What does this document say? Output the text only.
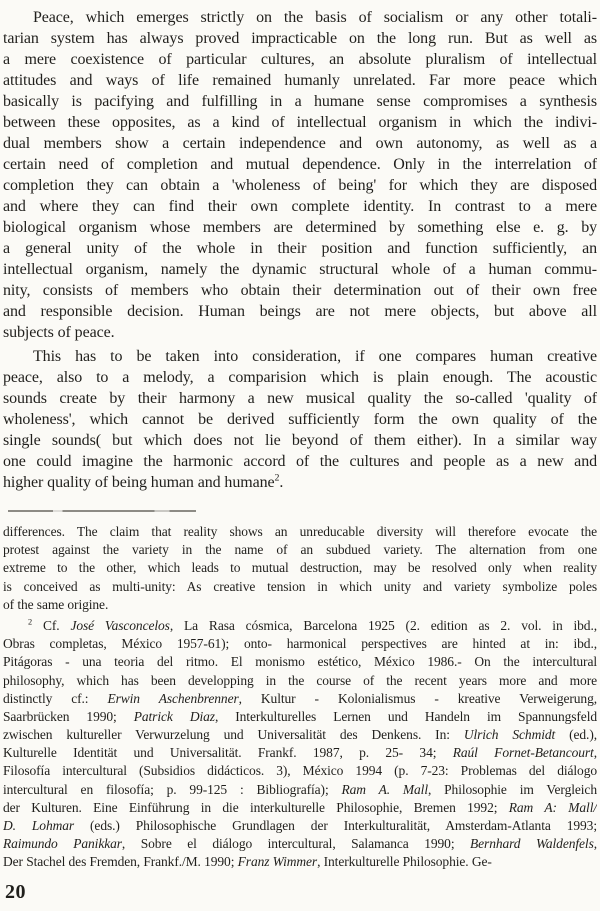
Peace, which emerges strictly on the basis of socialism or any other totali-
tarian system has always proved impracticable on the long run. But as well as
a mere coexistence of particular cultures, an absolute pluralism of intellectual
attitudes and ways of life remained humanly unrelated. Far more peace which
basically is pacifying and fulfilling in a humane sense compromises a synthesis
between these opposites, as a kind of intellectual organism in which the indivi-
dual members show a certain independence and own autonomy, as well as a
certain need of completion and mutual dependence. Only in the interrelation of
completion they can obtain a 'wholeness of being' for which they are disposed
and where they can find their own complete identity. In contrast to a mere
biological organism whose members are determined by something else e. g. by
a general unity of the whole in their position and function sufficiently, an
intellectual organism, namely the dynamic structural whole of a human commu-
nity, consists of members who obtain their determination out of their own free
and responsible decision. Human beings are not mere objects, but above all
subjects of peace.
This has to be taken into consideration, if one compares human creative
peace, also to a melody, a comparision which is plain enough. The acoustic
sounds create by their harmony a new musical quality the so-called 'quality of
wholeness', which cannot be derived sufficiently form the own quality of the
single sounds( but which does not lie beyond of them either). In a similar way
one could imagine the harmonic accord of the cultures and people as a new and
higher quality of being human and humane$^2$.
differences. The claim that reality shows an unreducable diversity will therefore evocate the
protest against the variety in the name of an subdued variety. The alternation from one
extreme to the other, which leads to mutual destruction, may be resolved only when reality
is conceived as multi-unity: As creative tension in which unity and variety symbolize poles
of the same origine.
$^2$ Cf. José Vasconcelos, La Rasa cósmica, Barcelona 1925 (2. edition as 2. vol. in ibd.,
Obras completas, México 1957-61); onto- harmonical perspectives are hinted at in: ibd.,
Pitágoras - una teoria del ritmo. El monismo estético, México 1986.- On the intercultural
philosophy, which has been developping in the course of the recent years more and more
distinctly cf.: Erwin Aschenbrenner, Kultur - Kolonialismus - kreative Verweigerung,
Saarbrücken 1990; Patrick Diaz, Interkulturelles Lernen und Handeln im Spannungsfeld
zwischen kultureller Verwurzelung und Universalität des Denkens. In: Ulrich Schmidt (ed.),
Kulturelle Identität und Universalität. Frankf. 1987, p. 25- 34; Raúl Fornet-Betancourt,
Filosofía intercultural (Subsidios didácticos. 3), México 1994 (p. 7-23: Problemas del diálogo
intercultural en filosofía; p. 99-125 : Bibliografía); Ram A. Mall, Philosophie im Vergleich
der Kulturen. Eine Einführung in die interkulturelle Philosophie, Bremen 1992; Ram A: Mall/
D. Lohmar (eds.) Philosophische Grundlagen der Interkulturalität, Amsterdam-Atlanta 1993;
Raimundo Panikkar, Sobre el diálogo intercultural, Salamanca 1990; Bernhard Waldenfels,
Der Stachel des Fremden, Frankf./M. 1990; Franz Wimmer, Interkulturelle Philosophie. Ge-
20
